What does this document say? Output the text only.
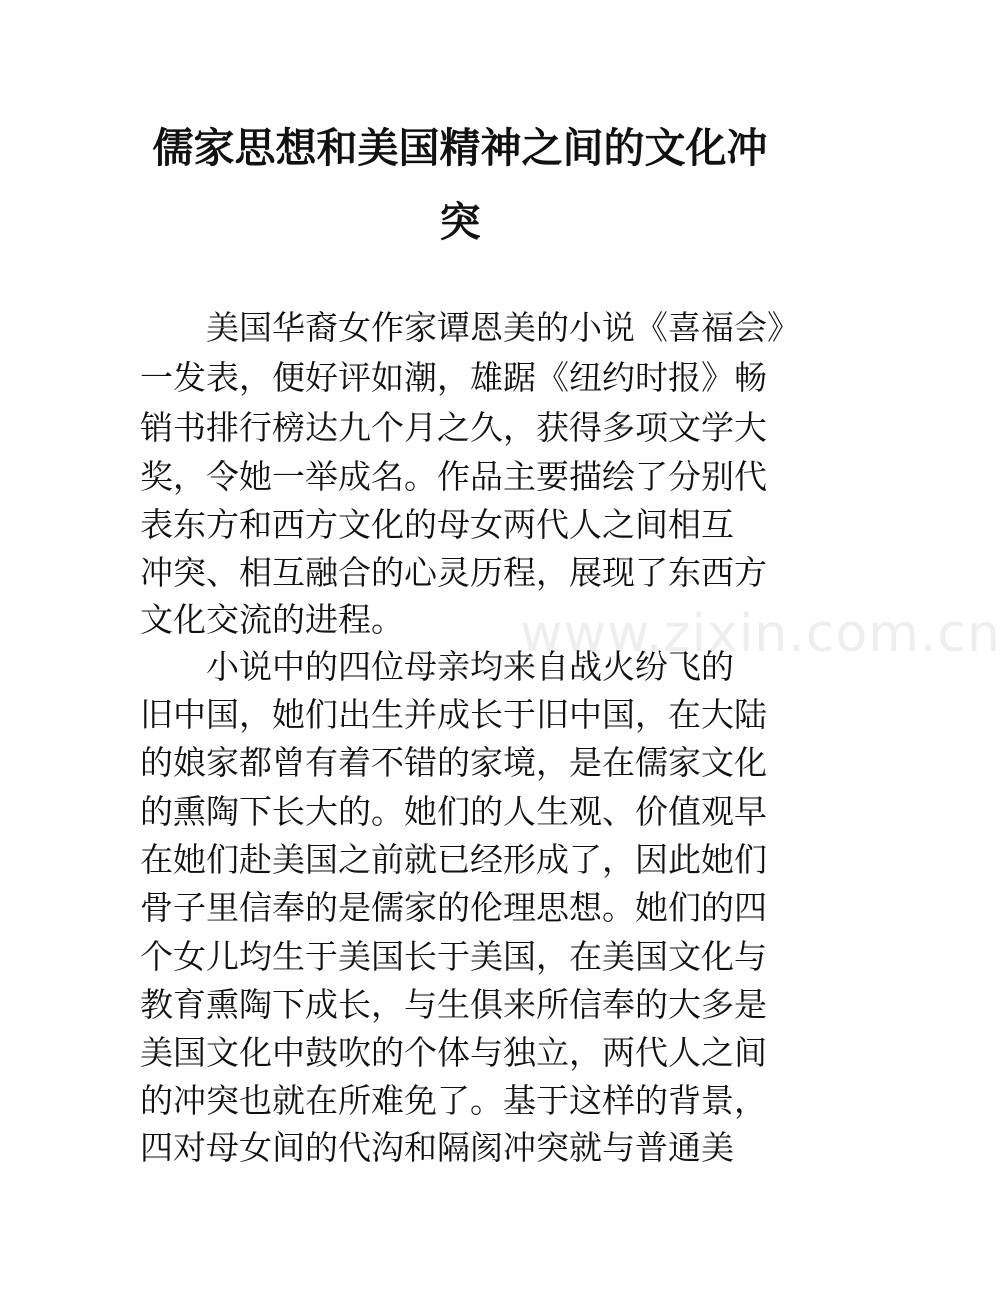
儒家思想和美国精神之间的文化冲
突
www.zixin.com.cn

美国华裔女作家谭恩美的小说《喜福会》

一发表，便好评如潮，雄踞《纽约时报》畅

销书排行榜达九个月之久，获得多项文学大

奖，令她一举成名。作品主要描绘了分别代

表东方和西方文化的母女两代人之间相互

冲突、相互融合的心灵历程，展现了东西方

文化交流的进程。

小说中的四位母亲均来自战火纷飞的

旧中国，她们出生并成长于旧中国，在大陆

的娘家都曾有着不错的家境，是在儒家文化

的熏陶下长大的。她们的人生观、价值观早

在她们赴美国之前就已经形成了，因此她们

骨子里信奉的是儒家的伦理思想。她们的四

个女儿均生于美国长于美国，在美国文化与

教育熏陶下成长，与生俱来所信奉的大多是

美国文化中鼓吹的个体与独立，两代人之间

的冲突也就在所难免了。基于这样的背景，

四对母女间的代沟和隔阂冲突就与普通美
